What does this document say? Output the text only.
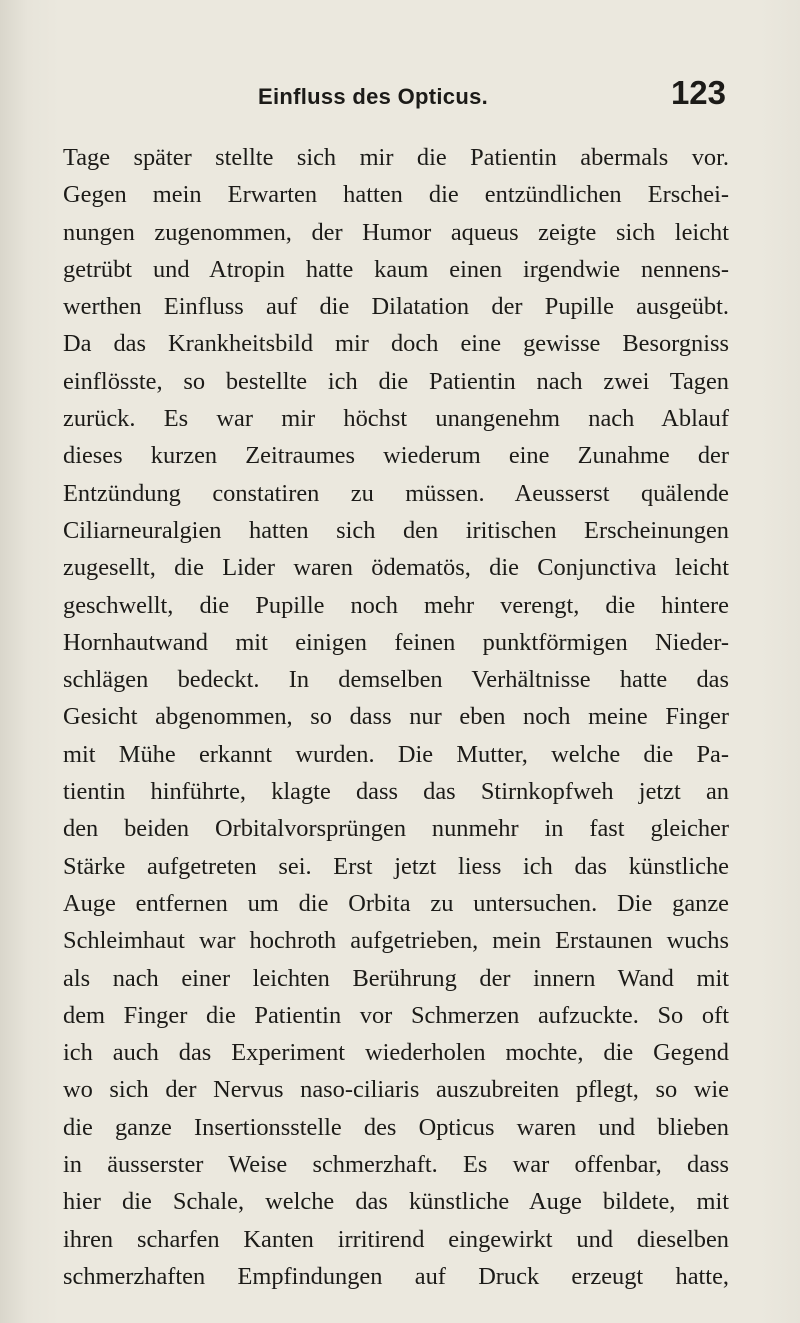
Einfluss des Opticus.	123
Tage später stellte sich mir die Patientin abermals vor.
Gegen mein Erwarten hatten die entzündlichen Erschei-
nungen zugenommen, der Humor aqueus zeigte sich leicht
getrübt und Atropin hatte kaum einen irgendwie nennens-
werthen Einfluss auf die Dilatation der Pupille ausgeübt.
Da das Krankheitsbild mir doch eine gewisse Besorgniss
einflösste, so bestellte ich die Patientin nach zwei Tagen
zurück. Es war mir höchst unangenehm nach Ablauf
dieses kurzen Zeitraumes wiederum eine Zunahme der
Entzündung constatiren zu müssen. Aeusserst quälende
Ciliarneuralgien hatten sich den iritischen Erscheinungen
zugesellt, die Lider waren ödematös, die Conjunctiva leicht
geschwellt, die Pupille noch mehr verengt, die hintere
Hornhautwand mit einigen feinen punktförmigen Nieder-
schlägen bedeckt. In demselben Verhältnisse hatte das
Gesicht abgenommen, so dass nur eben noch meine Finger
mit Mühe erkannt wurden. Die Mutter, welche die Pa-
tientin hinführte, klagte dass das Stirnkopfweh jetzt an
den beiden Orbitalvorsprüngen nunmehr in fast gleicher
Stärke aufgetreten sei. Erst jetzt liess ich das künstliche
Auge entfernen um die Orbita zu untersuchen. Die ganze
Schleimhaut war hochroth aufgetrieben, mein Erstaunen wuchs
als nach einer leichten Berührung der innern Wand mit
dem Finger die Patientin vor Schmerzen aufzuckte. So oft
ich auch das Experiment wiederholen mochte, die Gegend
wo sich der Nervus naso-ciliaris auszubreiten pflegt, so wie
die ganze Insertionsstelle des Opticus waren und blieben
in äusserster Weise schmerzhaft. Es war offenbar, dass
hier die Schale, welche das künstliche Auge bildete, mit
ihren scharfen Kanten irritirend eingewirkt und dieselben
schmerzhaften Empfindungen auf Druck erzeugt hatte,
